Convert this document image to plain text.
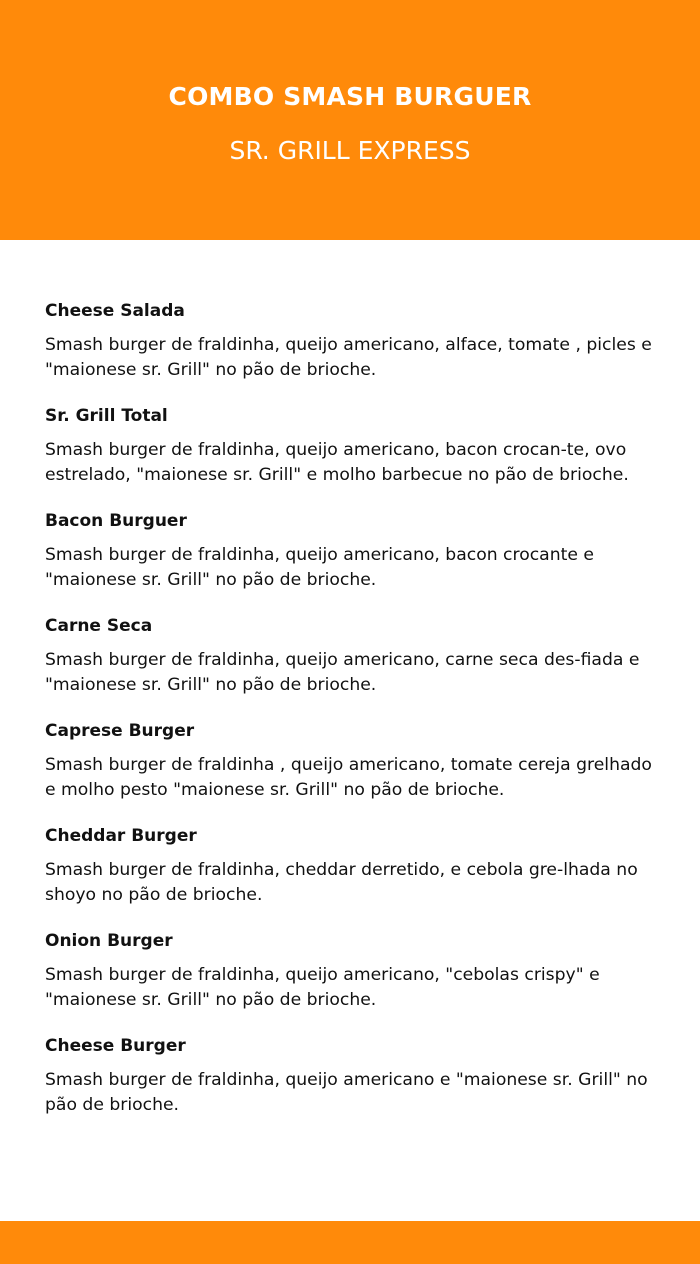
COMBO SMASH BURGUER
SR. GRILL EXPRESS

Cheese Salada

Smash burger de fraldinha, queijo americano, alface, tomate , picles e "maionese sr. Grill" no pão de brioche.

Sr. Grill Total

Smash burger de fraldinha, queijo americano, bacon crocan-te, ovo estrelado, "maionese sr. Grill" e molho barbecue no pão de brioche.

Bacon Burguer

Smash burger de fraldinha, queijo americano, bacon crocante e "maionese sr. Grill" no pão de brioche.

Carne Seca

Smash burger de fraldinha, queijo americano, carne seca des-fiada e "maionese sr. Grill" no pão de brioche.

Caprese Burger

Smash burger de fraldinha , queijo americano, tomate cereja grelhado e molho pesto "maionese sr. Grill" no pão de brioche.

Cheddar Burger

Smash burger de fraldinha, cheddar derretido, e cebola gre-lhada no shoyo no pão de brioche.

Onion Burger

Smash burger de fraldinha, queijo americano, "cebolas crispy" e "maionese sr. Grill" no pão de brioche.

Cheese Burger

Smash burger de fraldinha, queijo americano e "maionese sr. Grill" no pão de brioche.
